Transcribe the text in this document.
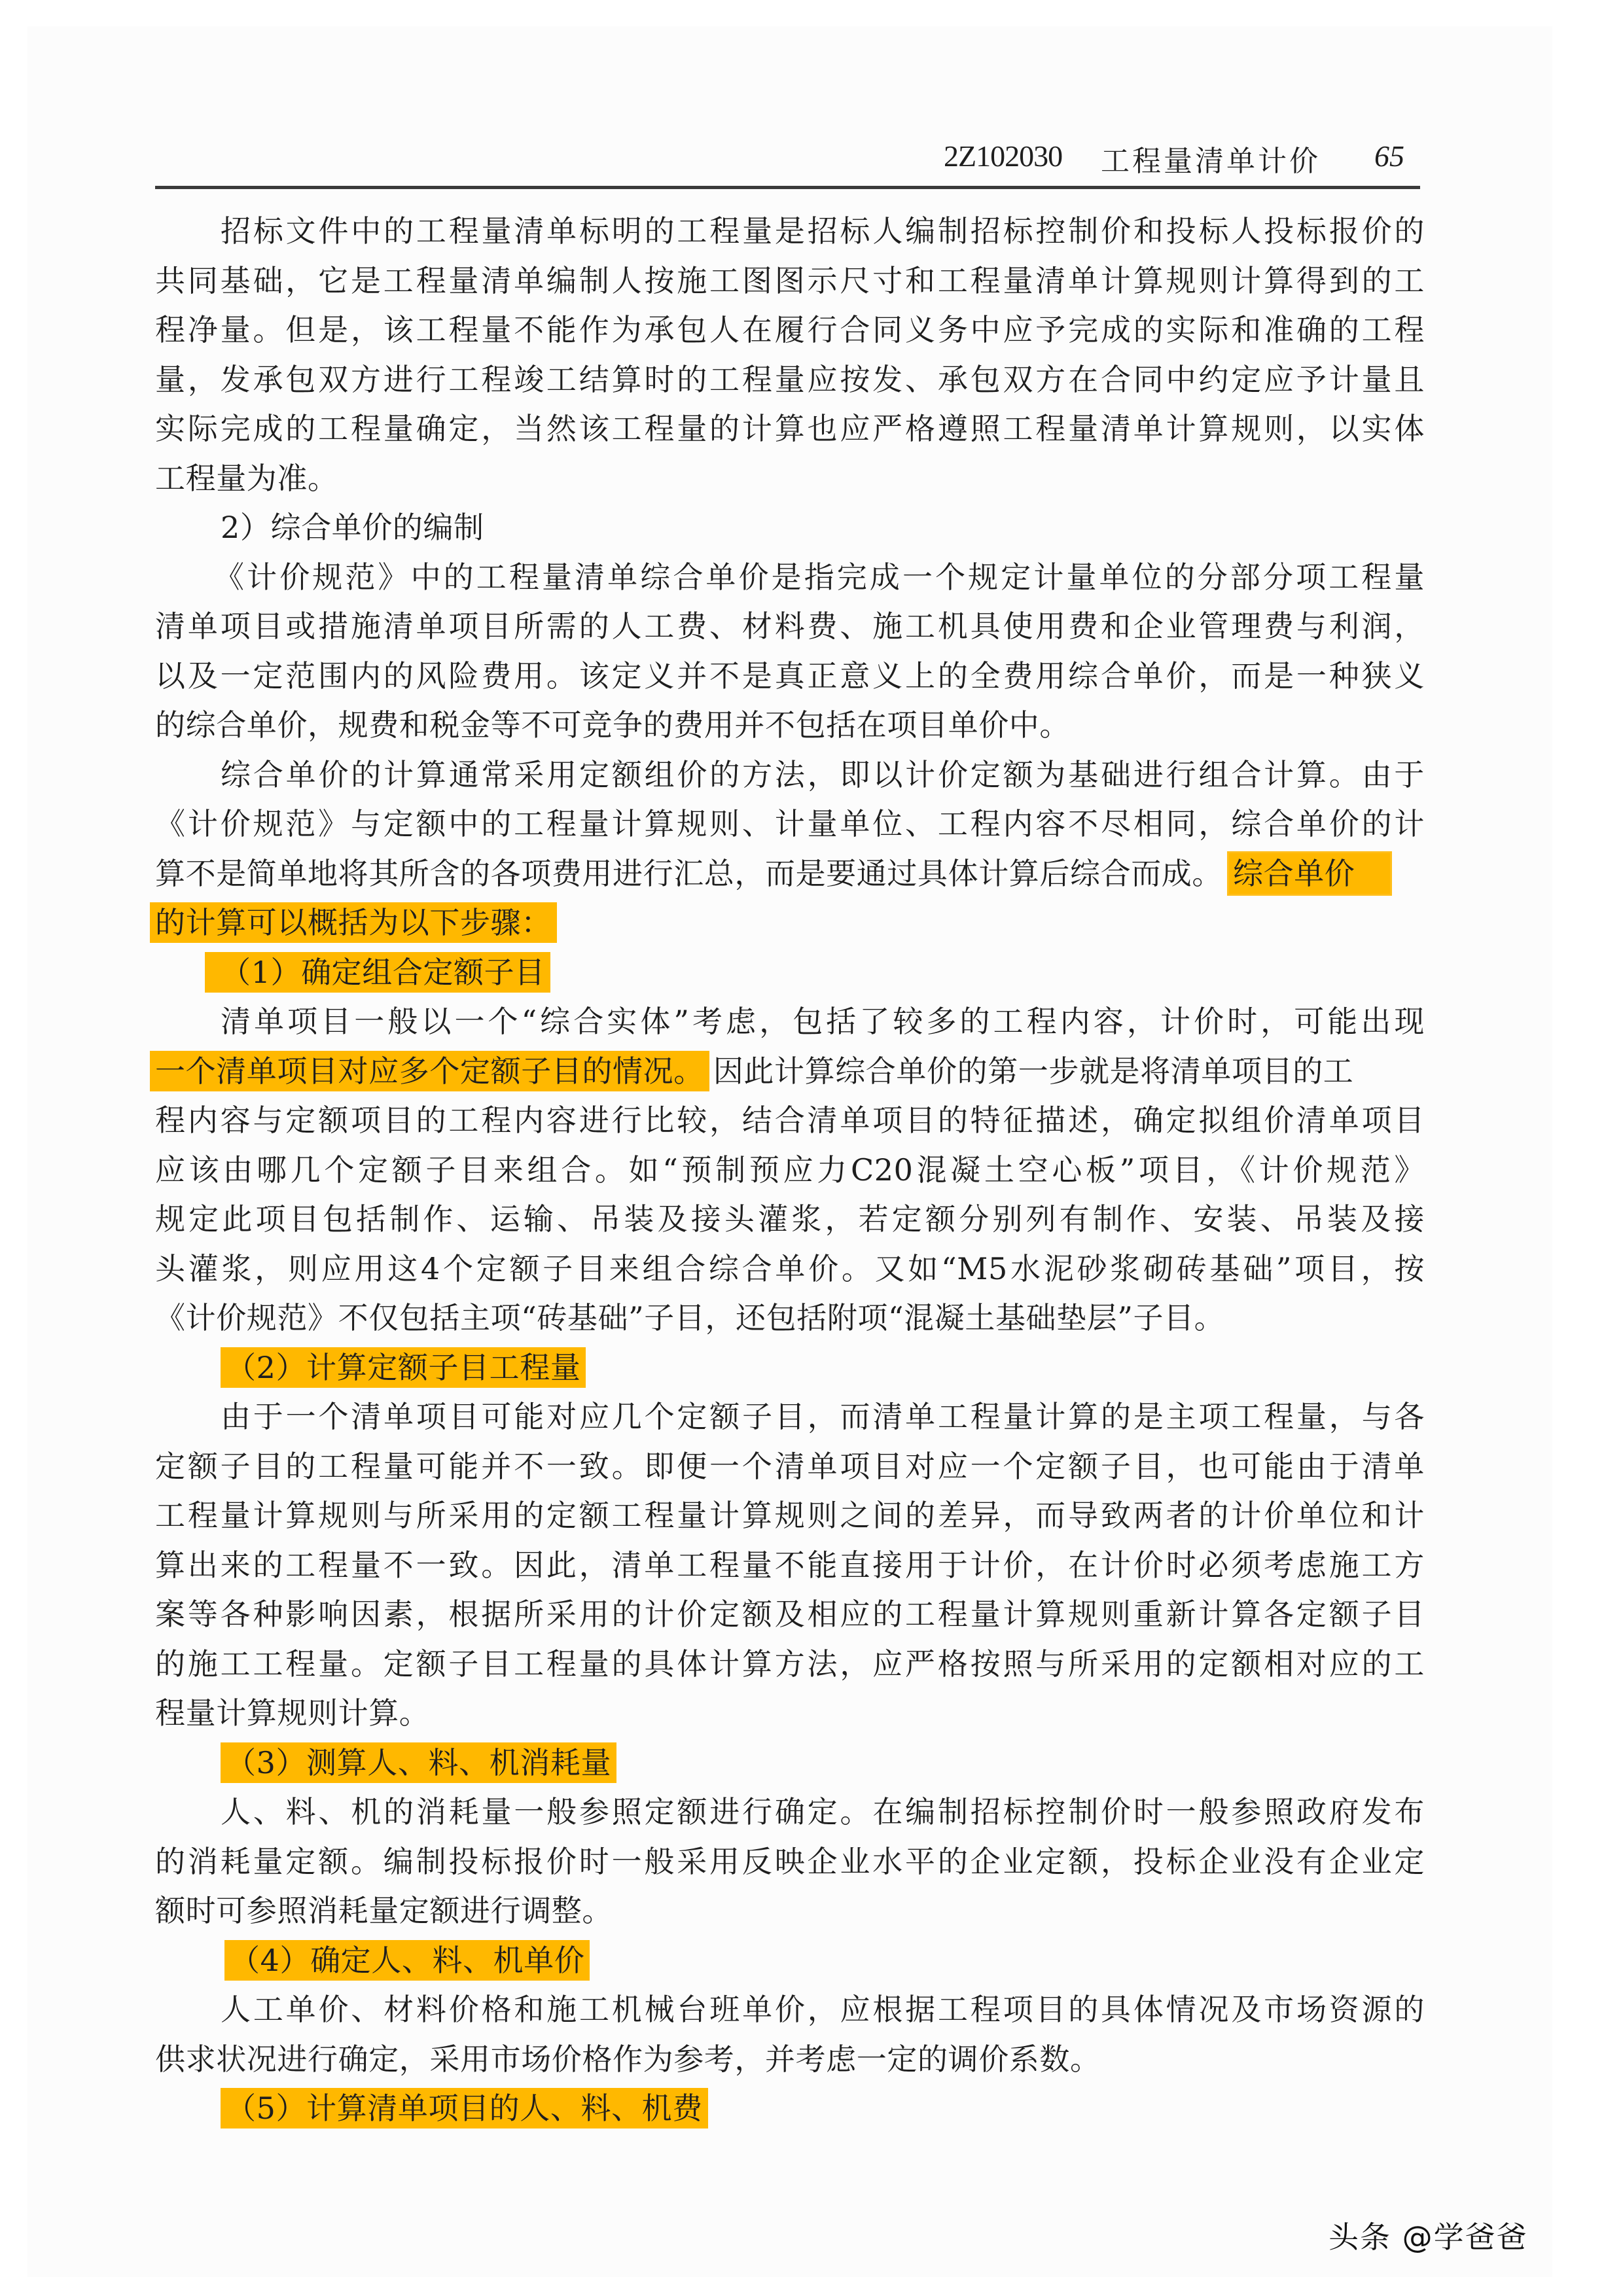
2Z102030 工程量清单计价 65
招标文件中的工程量清单标明的工程量是招标人编制招标控制价和投标人投标报价的
共同基础，它是工程量清单编制人按施工图图示尺寸和工程量清单计算规则计算得到的工
程净量。但是，该工程量不能作为承包人在履行合同义务中应予完成的实际和准确的工程
量，发承包双方进行工程竣工结算时的工程量应按发、承包双方在合同中约定应予计量且
实际完成的工程量确定，当然该工程量的计算也应严格遵照工程量清单计算规则，以实体
工程量为准。
2）综合单价的编制
《计价规范》中的工程量清单综合单价是指完成一个规定计量单位的分部分项工程量
清单项目或措施清单项目所需的人工费、材料费、施工机具使用费和企业管理费与利润，
以及一定范围内的风险费用。该定义并不是真正意义上的全费用综合单价，而是一种狭义
的综合单价，规费和税金等不可竞争的费用并不包括在项目单价中。
综合单价的计算通常采用定额组价的方法，即以计价定额为基础进行组合计算。由于
《计价规范》与定额中的工程量计算规则、计量单位、工程内容不尽相同，综合单价的计
算不是简单地将其所含的各项费用进行汇总，而是要通过具体计算后综合而成。 综合单价
的计算可以概括为以下步骤：
（1）确定组合定额子目
清单项目一般以一个“综合实体”考虑，包括了较多的工程内容，计价时，可能出现
一个清单项目对应多个定额子目的情况。 因此计算综合单价的第一步就是将清单项目的工
程内容与定额项目的工程内容进行比较，结合清单项目的特征描述，确定拟组价清单项目
应该由哪几个定额子目来组合。如“预制预应力C20混凝土空心板”项目，《计价规范》
规定此项目包括制作、运输、吊装及接头灌浆，若定额分别列有制作、安装、吊装及接
头灌浆，则应用这4个定额子目来组合综合单价。又如“M5水泥砂浆砌砖基础”项目，按
《计价规范》不仅包括主项“砖基础”子目，还包括附项“混凝土基础垫层”子目。
（2）计算定额子目工程量
由于一个清单项目可能对应几个定额子目，而清单工程量计算的是主项工程量，与各
定额子目的工程量可能并不一致。即便一个清单项目对应一个定额子目，也可能由于清单
工程量计算规则与所采用的定额工程量计算规则之间的差异，而导致两者的计价单位和计
算出来的工程量不一致。因此，清单工程量不能直接用于计价，在计价时必须考虑施工方
案等各种影响因素，根据所采用的计价定额及相应的工程量计算规则重新计算各定额子目
的施工工程量。定额子目工程量的具体计算方法，应严格按照与所采用的定额相对应的工
程量计算规则计算。
（3）测算人、料、机消耗量
人、料、机的消耗量一般参照定额进行确定。在编制招标控制价时一般参照政府发布
的消耗量定额。编制投标报价时一般采用反映企业水平的企业定额，投标企业没有企业定
额时可参照消耗量定额进行调整。
（4）确定人、料、机单价
人工单价、材料价格和施工机械台班单价，应根据工程项目的具体情况及市场资源的
供求状况进行确定，采用市场价格作为参考，并考虑一定的调价系数。
（5）计算清单项目的人、料、机费
头条 @学爸爸
